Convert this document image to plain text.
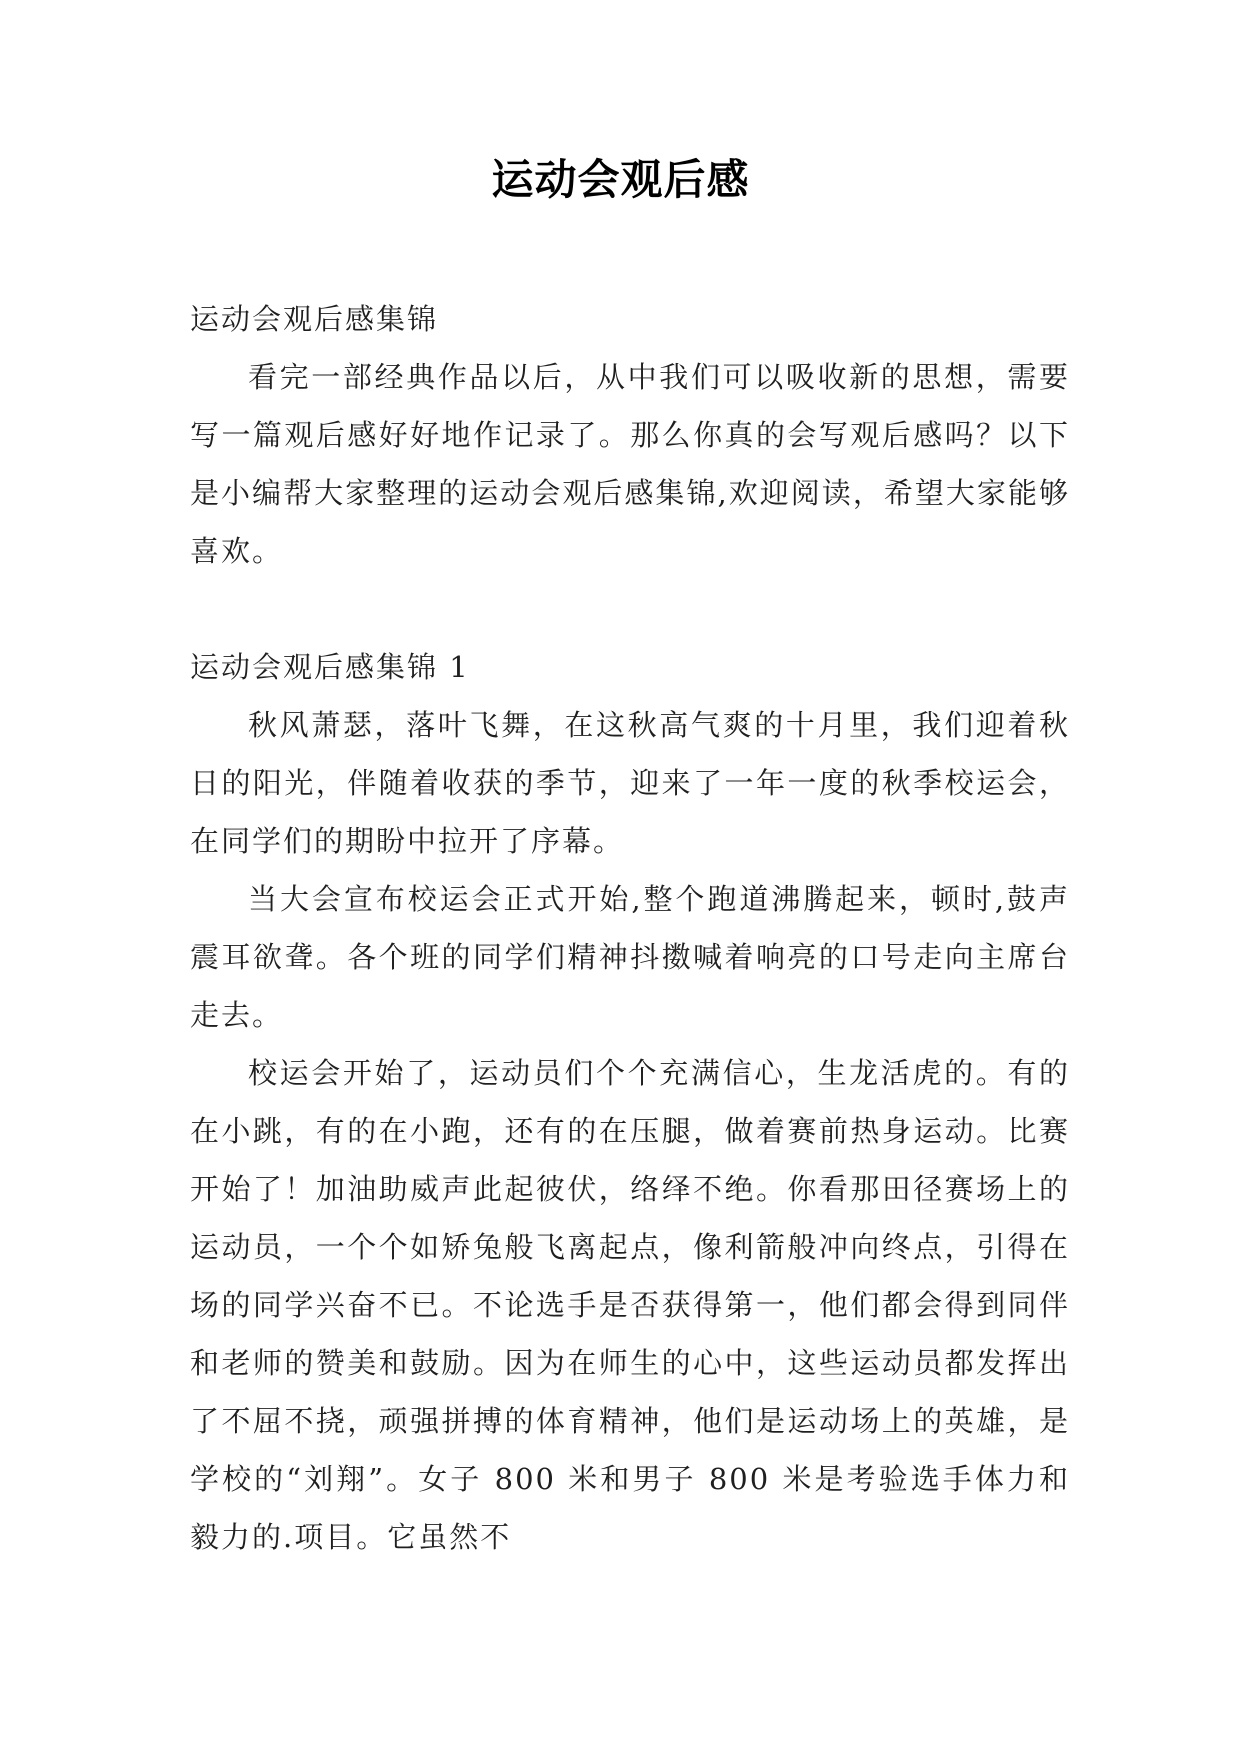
运动会观后感

运动会观后感集锦

看完一部经典作品以后，从中我们可以吸收新的思想，需要写一篇观后感好好地作记录了。那么你真的会写观后感吗？以下是小编帮大家整理的运动会观后感集锦,欢迎阅读，希望大家能够喜欢。

运动会观后感集锦 1

秋风萧瑟，落叶飞舞，在这秋高气爽的十月里，我们迎着秋日的阳光，伴随着收获的季节，迎来了一年一度的秋季校运会，在同学们的期盼中拉开了序幕。

当大会宣布校运会正式开始,整个跑道沸腾起来，顿时,鼓声震耳欲聋。各个班的同学们精神抖擞喊着响亮的口号走向主席台走去。

校运会开始了，运动员们个个充满信心，生龙活虎的。有的在小跳，有的在小跑，还有的在压腿，做着赛前热身运动。比赛开始了！加油助威声此起彼伏，络绎不绝。你看那田径赛场上的运动员，一个个如矫兔般飞离起点，像利箭般冲向终点，引得在场的同学兴奋不已。不论选手是否获得第一，他们都会得到同伴和老师的赞美和鼓励。因为在师生的心中，这些运动员都发挥出了不屈不挠，顽强拼搏的体育精神，他们是运动场上的英雄，是学校的“刘翔”。女子 800 米和男子 800 米是考验选手体力和毅力的.项目。它虽然不
